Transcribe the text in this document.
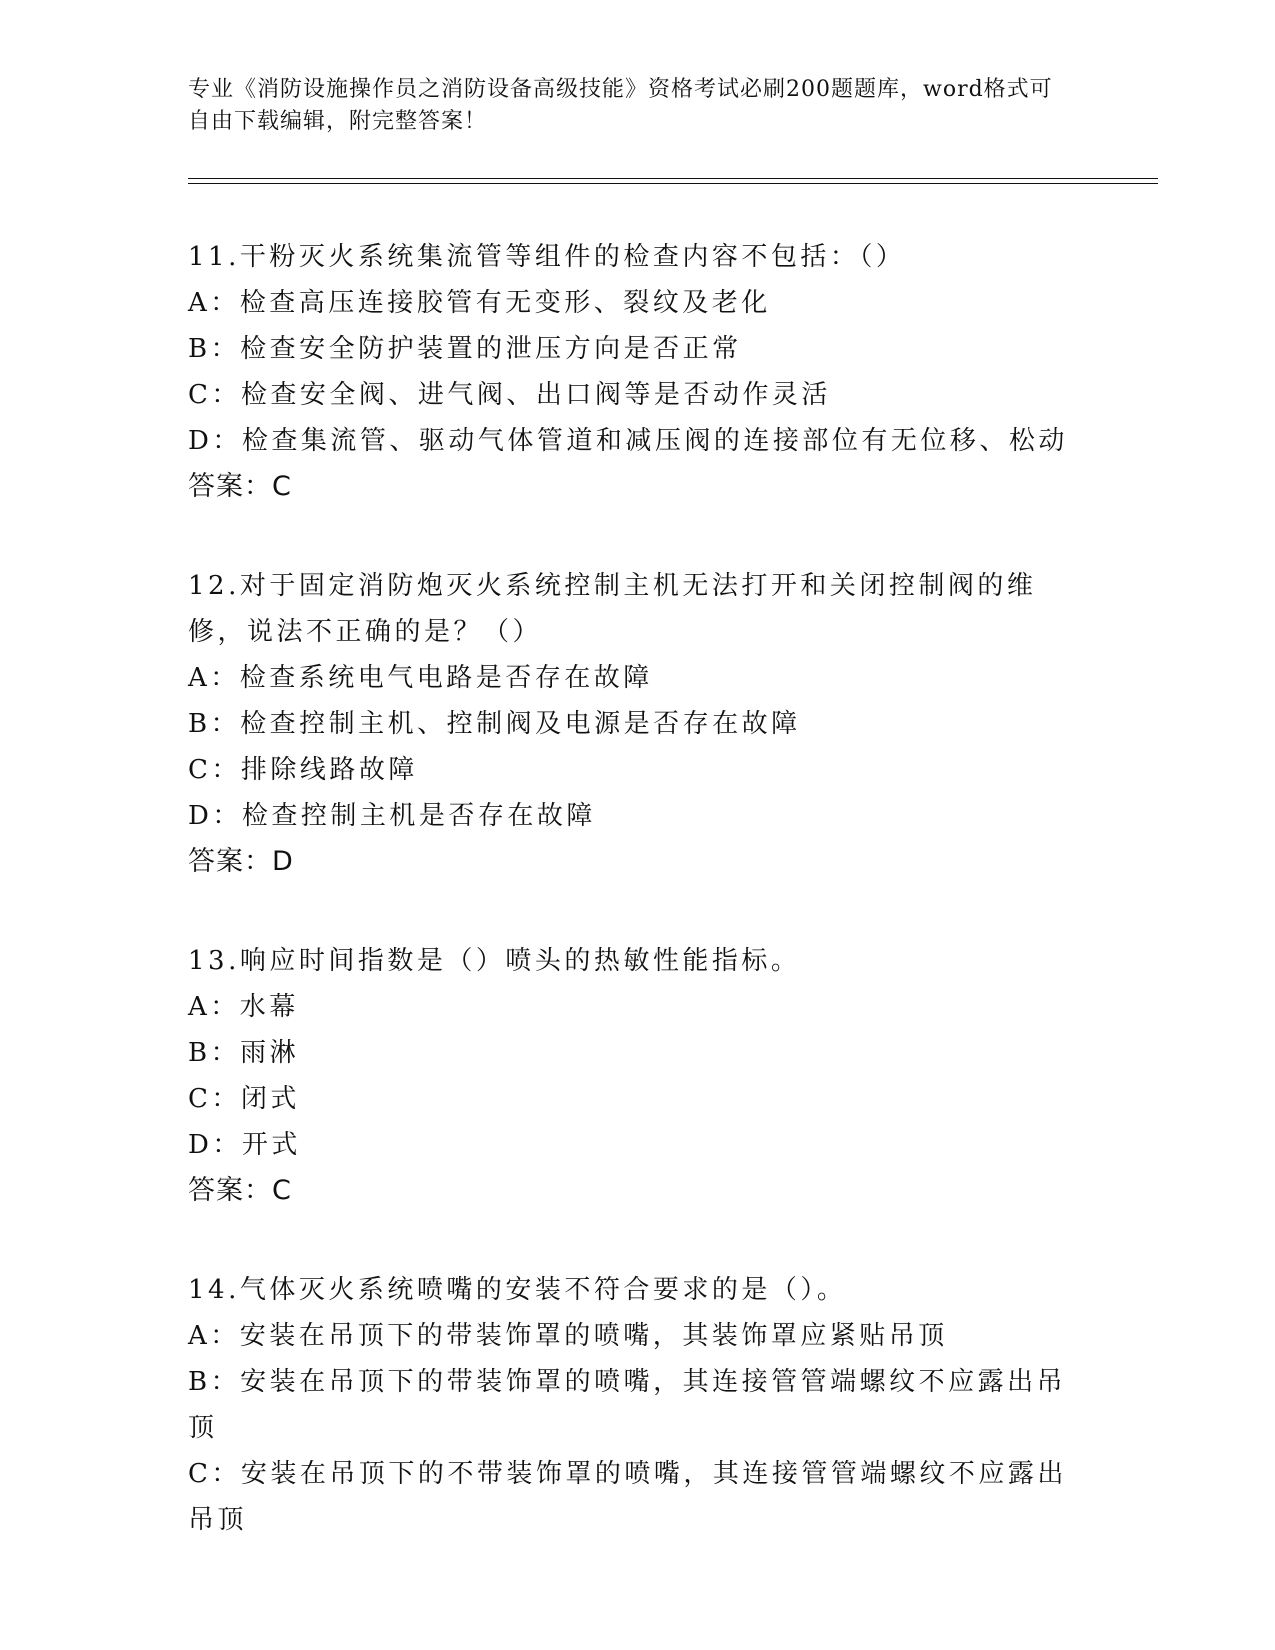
专业《消防设施操作员之消防设备高级技能》资格考试必刷200题题库，word格式可自由下载编辑，附完整答案！
11.干粉灭火系统集流管等组件的检查内容不包括：（）
A：检查高压连接胶管有无变形、裂纹及老化
B：检查安全防护装置的泄压方向是否正常
C：检查安全阀、进气阀、出口阀等是否动作灵活
D：检查集流管、驱动气体管道和减压阀的连接部位有无位移、松动
答案：C
12.对于固定消防炮灭火系统控制主机无法打开和关闭控制阀的维修，说法不正确的是？（）
A：检查系统电气电路是否存在故障
B：检查控制主机、控制阀及电源是否存在故障
C：排除线路故障
D：检查控制主机是否存在故障
答案：D
13.响应时间指数是（）喷头的热敏性能指标。
A：水幕
B：雨淋
C：闭式
D：开式
答案：C
14.气体灭火系统喷嘴的安装不符合要求的是（）。
A：安装在吊顶下的带装饰罩的喷嘴，其装饰罩应紧贴吊顶
B：安装在吊顶下的带装饰罩的喷嘴，其连接管管端螺纹不应露出吊顶
C：安装在吊顶下的不带装饰罩的喷嘴，其连接管管端螺纹不应露出吊顶
